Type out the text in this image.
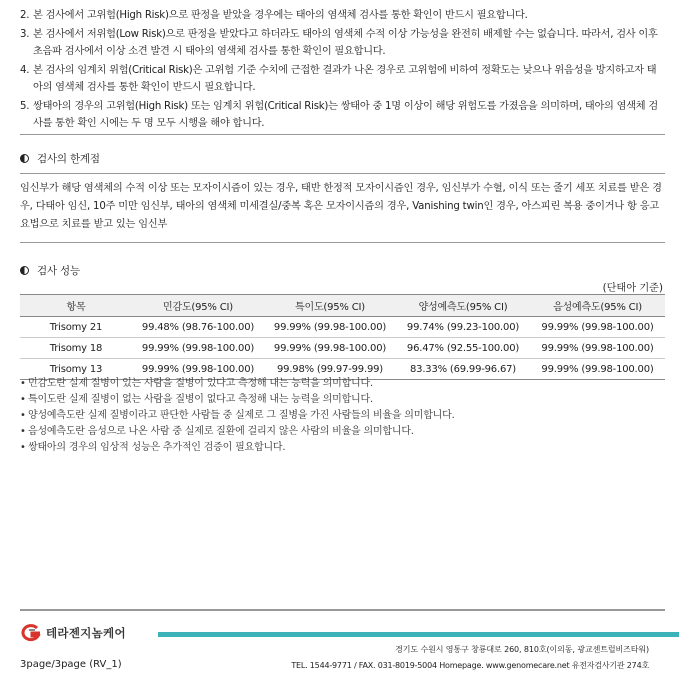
2. 본 검사에서 고위험(High Risk)으로 판정을 받았을 경우에는 태아의 염색체 검사를 통한 확인이 반드시 필요합니다.
3. 본 검사에서 저위험(Low Risk)으로 판정을 받았다고 하더라도 태아의 염색체 수적 이상 가능성을 완전히 배제할 수는 없습니다. 따라서, 검사 이후 초음파 검사에서 이상 소견 발견 시 태아의 염색체 검사를 통한 확인이 필요합니다.
4. 본 검사의 임계치 위험(Critical Risk)은 고위험 기준 수치에 근접한 결과가 나온 경우로 고위험에 비하여 정확도는 낮으나 위음성을 방지하고자 태아의 염색체 검사를 통한 확인이 반드시 필요합니다.
5. 쌍태아의 경우의 고위험(High Risk) 또는 임계치 위험(Critical Risk)는 쌍태아 중 1명 이상이 해당 위험도를 가졌음을 의미하며, 태아의 염색체 검사를 통한 확인 시에는 두 명 모두 시행을 해야 합니다.
검사의 한계점

임신부가 해당 염색체의 수적 이상 또는 모자이시즘이 있는 경우, 태반 한정적 모자이시즘인 경우, 임신부가 수혈, 이식 또는 줄기 세포 치료를 받은 경우, 다태아 임신, 10주 미만 임신부, 태아의 염색체 미세결실/중복 혹은 모자이시즘의 경우, Vanishing twin인 경우, 아스피린 복용 중이거나 항 응고 요법으로 치료를 받고 있는 임신부

검사 성능
(단태아 기준)
항목	민감도(95% CI)	특이도(95% CI)	양성예측도(95% CI)	음성예측도(95% CI)
Trisomy 21	99.48% (98.76-100.00)	99.99% (99.98-100.00)	99.74% (99.23-100.00)	99.99% (99.98-100.00)
Trisomy 18	99.99% (99.98-100.00)	99.99% (99.98-100.00)	96.47% (92.55-100.00)	99.99% (99.98-100.00)
Trisomy 13	99.99% (99.98-100.00)	99.98% (99.97-99.99)	83.33% (69.99-96.67)	99.99% (99.98-100.00)
• 민감도란 실제 질병이 있는 사람을 질병이 있다고 측정해 내는 능력을 의미합니다.
• 특이도란 실제 질병이 없는 사람을 질병이 없다고 측정해 내는 능력을 의미합니다.
• 양성예측도란 실제 질병이라고 판단한 사람들 중 실제로 그 질병을 가진 사람들의 비율을 의미합니다.
• 음성예측도란 음성으로 나온 사람 중 실제로 질환에 걸리지 않은 사람의 비율을 의미합니다.
• 쌍태아의 경우의 임상적 성능은 추가적인 검증이 필요합니다.
테라젠지놈케어
경기도 수원시 영통구 창룡대로 260, 810호(이의동, 광교센트럴비즈타워)
3page/3page (RV_1)	TEL. 1544-9771 / FAX. 031-8019-5004 Homepage. www.genomecare.net 유전자검사기관 274호
